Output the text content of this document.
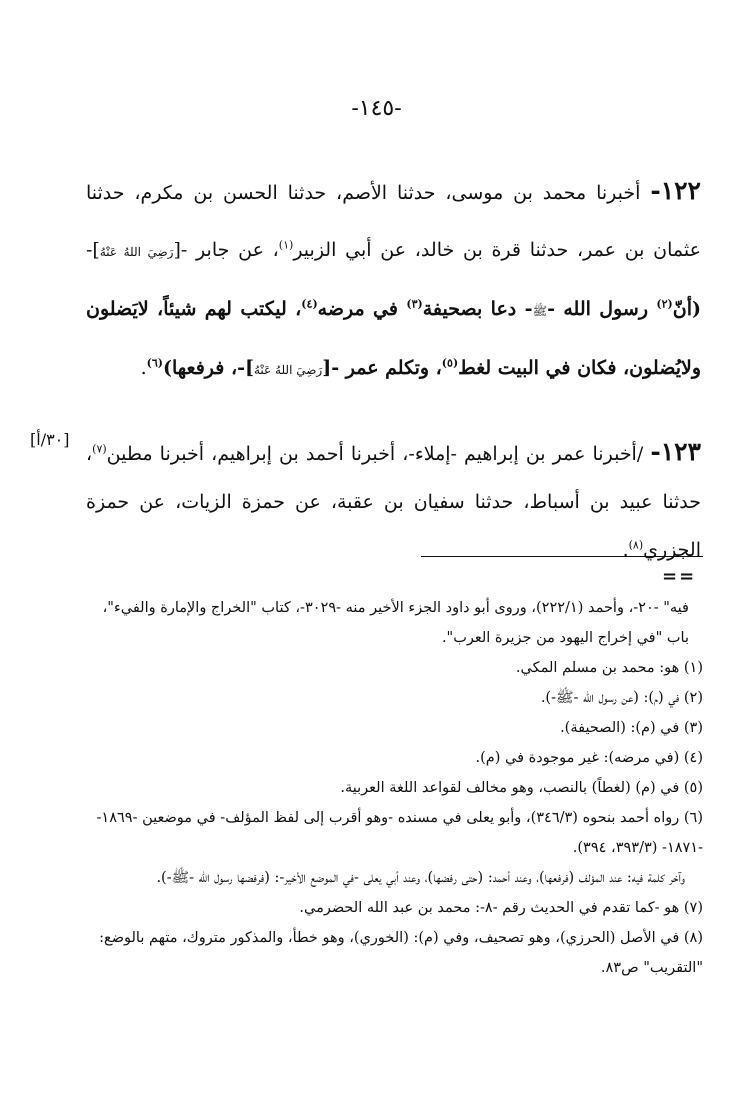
-١٤٥-

١٢٢- أخبرنا محمد بن موسى، حدثنا الأصم، حدثنا الحسن بن مكرم، حدثنا عثمان بن عمر، حدثنا قرة بن خالد، عن أبي الزبير$^{(١)}$، عن جابر -[رَضِيَ اللهُ عَنْهُ]- (أنّ$^{(٢)}$ رسول الله -ﷺ- دعا بصحيفة$^{(٣)}$ في مرضه$^{(٤)}$، ليكتب لهم شيئاً، لايَضلون ولايُضلون، فكان في البيت لغط$^{(٥)}$، وتكلم عمر -[رَضِيَ اللهُ عَنْهُ]-، فرفعها)$^{(٦)}$.

[٣٠/أ]	١٢٣- /أخبرنا عمر بن إبراهيم -إملاء-، أخبرنا أحمد بن إبراهيم، أخبرنا مطين$^{(٧)}$، حدثنا عبيد بن أسباط، حدثنا سفيان بن عقبة، عن حمزة الزيات، عن حمزة الجزري$^{(٨)}$.

==

فيه" -٢٠-، وأحمد (٢٢٢/١)، وروى أبو داود الجزء الأخير منه -٣٠٢٩-، كتاب "الخراج والإمارة والفيء"، باب "في إخراج اليهود من جزيرة العرب".

(١) هو: محمد بن مسلم المكي.

(٢) في (م): (عن رسول الله -ﷺ-).

(٣) في (م): (الصحيفة).

(٤) (في مرضه): غير موجودة في (م).

(٥) في (م) (لغطاً) بالنصب، وهو مخالف لقواعد اللغة العربية.

(٦) رواه أحمد بنحوه (٣٤٦/٣)، وأبو يعلى في مسنده -وهو أقرب إلى لفظ المؤلف- في موضعين -١٨٦٩- -١٨٧١- (٣٩٣/٣، ٣٩٤).

وآخر كلمة فيه: عند المؤلف (فرفعها)، وعند أحمد: (حتى رفضها)، وعند أبي يعلى -في الموضع الأخير-: (فرفضها رسول الله -ﷺ-).

(٧) هو -كما تقدم في الحديث رقم -٨-: محمد بن عبد الله الحضرمي.

(٨) في الأصل (الحرزي)، وهو تصحيف، وفي (م): (الخوري)، وهو خطأ، والمذكور متروك، متهم بالوضع: "التقريب" ص٨٣.
